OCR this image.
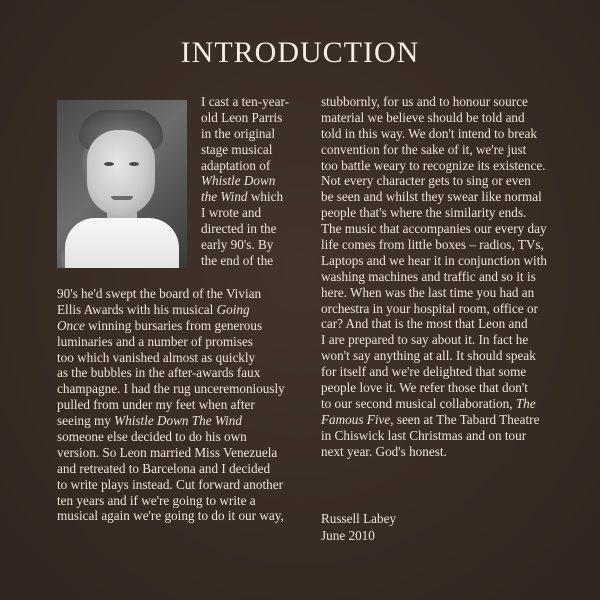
INTRODUCTION
I cast a ten-year-
old Leon Parris
in the original
stage musical
adaptation of
Whistle Down
the Wind which
I wrote and
directed in the
early 90's. By
the end of the
90's he'd swept the board of the Vivian
Ellis Awards with his musical Going
Once winning bursaries from generous
luminaries and a number of promises
too which vanished almost as quickly
as the bubbles in the after-awards faux
champagne. I had the rug unceremoniously
pulled from under my feet when after
seeing my Whistle Down The Wind
someone else decided to do his own
version. So Leon married Miss Venezuela
and retreated to Barcelona and I decided
to write plays instead. Cut forward another
ten years and if we're going to write a
musical again we're going to do it our way,
stubbornly, for us and to honour source
material we believe should be told and
told in this way. We don't intend to break
convention for the sake of it, we're just
too battle weary to recognize its existence.
Not every character gets to sing or even
be seen and whilst they swear like normal
people that's where the similarity ends.
The music that accompanies our every day
life comes from little boxes – radios, TVs,
Laptops and we hear it in conjunction with
washing machines and traffic and so it is
here. When was the last time you had an
orchestra in your hospital room, office or
car? And that is the most that Leon and
I are prepared to say about it. In fact he
won't say anything at all. It should speak
for itself and we're delighted that some
people love it. We refer those that don't
to our second musical collaboration, The
Famous Five, seen at The Tabard Theatre
in Chiswick last Christmas and on tour
next year. God's honest.
Russell Labey
June 2010
